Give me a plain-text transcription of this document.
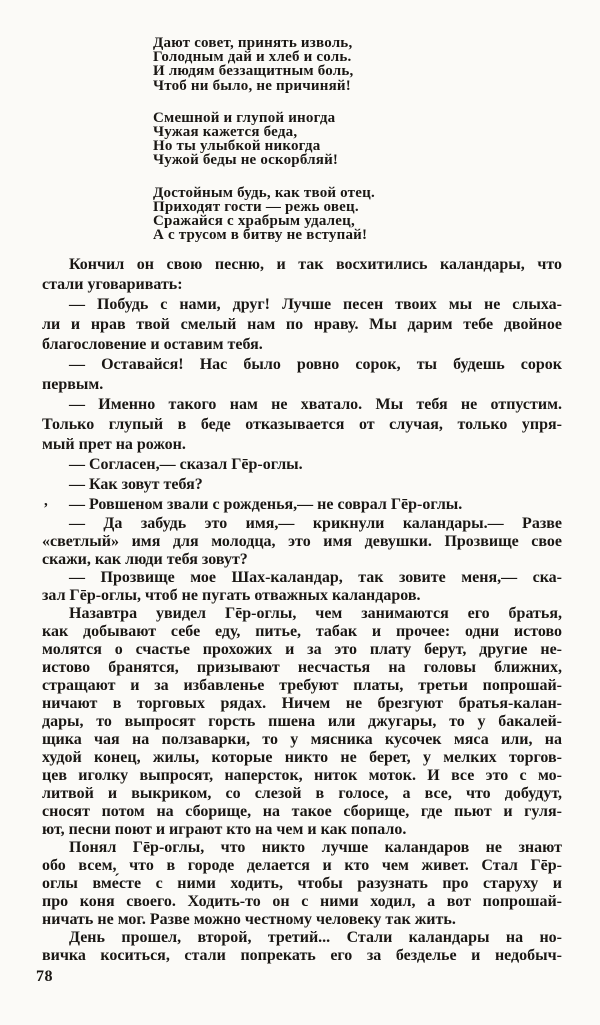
Дают совет, принять изволь,
Голодным дай и хлеб и соль.
И людям беззащитным боль,
Чтоб ни было, не причиняй!
Смешной и глупой иногда
Чужая кажется беда,
Но ты улыбкой никогда
Чужой беды не оскорбляй!
Достойным будь, как твой отец.
Приходят гости — режь овец.
Сражайся с храбрым удалец,
А с трусом в битву не вступай!
Кончил он свою песню, и так восхитились каландары, что
стали уговаривать:
— Побудь с нами, друг! Лучше песен твоих мы не слыха-
ли и нрав твой смелый нам по нраву. Мы дарим тебе двойное
благословение и оставим тебя.
— Оставайся! Нас было ровно сорок, ты будешь сорок
первым.
— Именно такого нам не хватало. Мы тебя не отпустим.
Только глупый в беде отказывается от случая, только упря-
мый прет на рожон.
— Согласен,— сказал Гēр-оглы.
— Как зовут тебя?
— Ровшеном звали с рожденья,— не соврал Гēр-оглы.
,
— Да забудь это имя,— крикнули каландары.— Разве
«светлый» имя для молодца, это имя девушки. Прозвище свое
скажи, как люди тебя зовут?
— Прозвище мое Шах-каландар, так зовите меня,— ска-
зал Гēр-оглы, чтоб не пугать отважных каландаров.
Назавтра увидел Гēр-оглы, чем занимаются его братья,
как добывают себе еду, питье, табак и прочее: одни истово
молятся о счастье прохожих и за это плату берут, другие не-
истово бранятся, призывают несчастья на головы ближних,
стращают и за избавленье требуют платы, третьи попрошай-
ничают в торговых рядах. Ничем не брезгуют братья-калан-
дары, то выпросят горсть пшена или джугары, то у бакалей-
щика чая на ползаварки, то у мясника кусочек мяса или, на
худой конец, жилы, которые никто не берет, у мелких торгов-
цев иголку выпросят, наперсток, ниток моток. И все это с мо-
литвой и выкриком, со слезой в голосе, а все, что добудут,
сносят потом на сборище, на такое сборище, где пьют и гуля-
ют, песни поют и играют кто на чем и как попало.
Понял Гēр-оглы, что никто лучше каландаров не знают
обо всем, что в городе делается и кто чем живет. Стал Гēр-
оглы вме́сте с ними ходить, чтобы разузнать про старуху и
про коня своего. Ходить-то он с ними ходил, а вот попрошай-
ничать не мог. Разве можно честному человеку так жить.
День прошел, второй, третий... Стали каландары на но-
вичка коситься, стали попрекать его за безделье и недобыч-
78
